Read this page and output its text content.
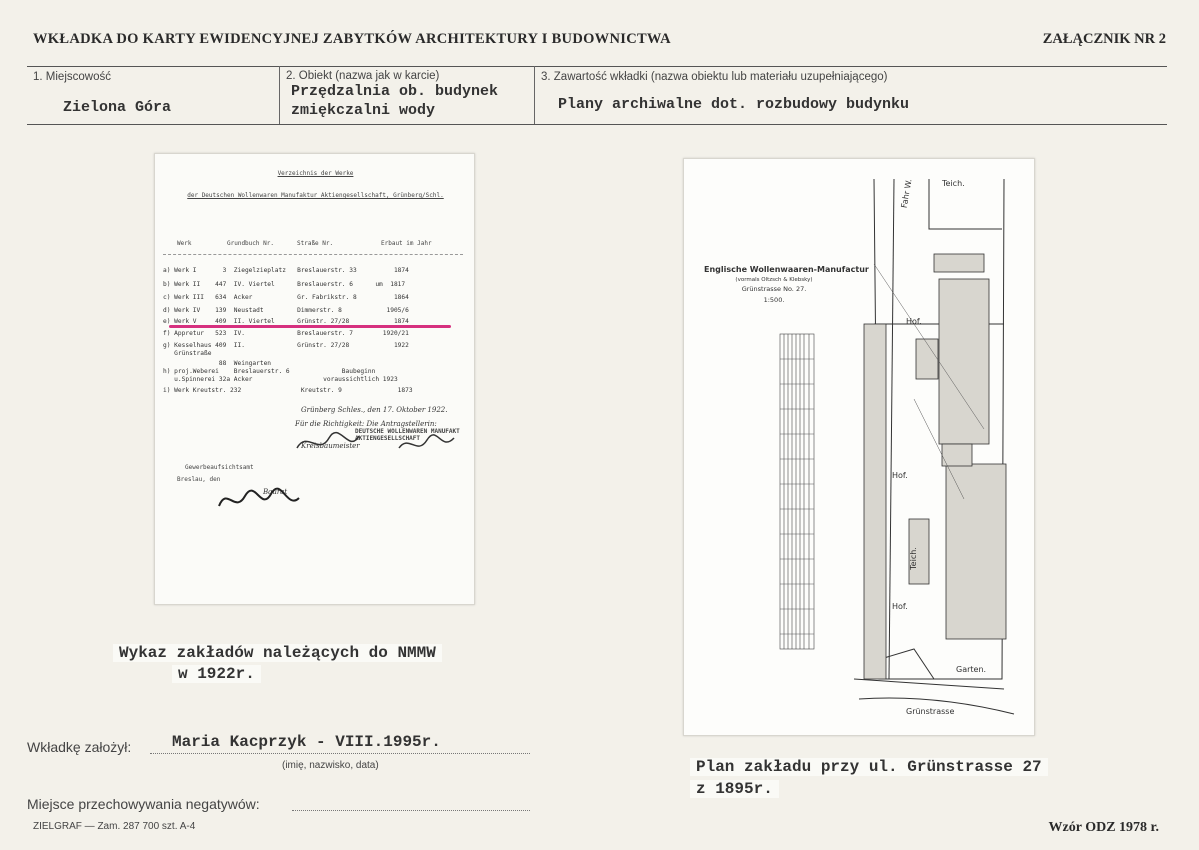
WKŁADKA DO KARTY EWIDENCYJNEJ ZABYTKÓW ARCHITEKTURY I BUDOWNICTWA	ZAŁĄCZNIK NR 2
1. Miejscowość
Zielona Góra
2. Obiekt (nazwa jak w karcie)
Przędzalnia ob. budynek
zmiękczalni wody
3. Zawartość wkładki (nazwa obiektu lub materiału uzupełniającego)
Plany archiwalne dot. rozbudowy budynku
Verzeichnis der Werke
der Deutschen Wollenwaren Manufaktur Aktiengesellschaft, Grünberg/Schl.
Werk	Grundbuch Nr.	Straße Nr.	Erbaut im Jahr
a) Werk I       3  Ziegelzieplatz   Breslauerstr. 33          1874
b) Werk II    447  IV. Viertel      Breslauerstr. 6      um  1817
c) Werk III   634  Acker            Gr. Fabrikstr. 8          1864
d) Werk IV    139  Neustadt         Dimmerstr. 8            1905/6
e) Werk V     409  II. Viertel      Grünstr. 27/28            1874
f) Appretur   523  IV.              Breslauerstr. 7        1920/21
g) Kesselhaus 409  II.              Grünstr. 27/28            1922
Grünstraße
88  Weingarten
h) proj.Weberei    Breslauerstr. 6              Baubeginn
u.Spinnerei 32a Acker                   voraussichtlich 1923
i) Werk Kreutstr. 232                Kreutstr. 9               1873
Grünberg Schles., den 17. Oktober 1922.
Für die Richtigkeit: Die Antragstellerin:
DEUTSCHE WOLLENWAREN MANUFAKT AKTIENGESELLSCHAFT
Kreisbaumeister
Gewerbeaufsichtsamt
Breslau, den
Baurat
Englische Wollenwaaren-Manufactur
(vormals Oltzsch & Klebsky)
Grünstrasse No. 27.
1:500.
Teich.
Fahr W.
Hof.
Hof.
Hof.
Teich.
Garten.
Grünstrasse
Wykaz zakładów należących do NMMW
w 1922r.
Plan zakładu przy ul. Grünstrasse 27
z 1895r.
Wkładkę założył:	Maria Kacprzyk - VIII.1995r.
(imię, nazwisko, data)
Miejsce przechowywania negatywów:
ZIELGRAF — Zam. 287 700 szt. A-4	Wzór ODZ 1978 r.
